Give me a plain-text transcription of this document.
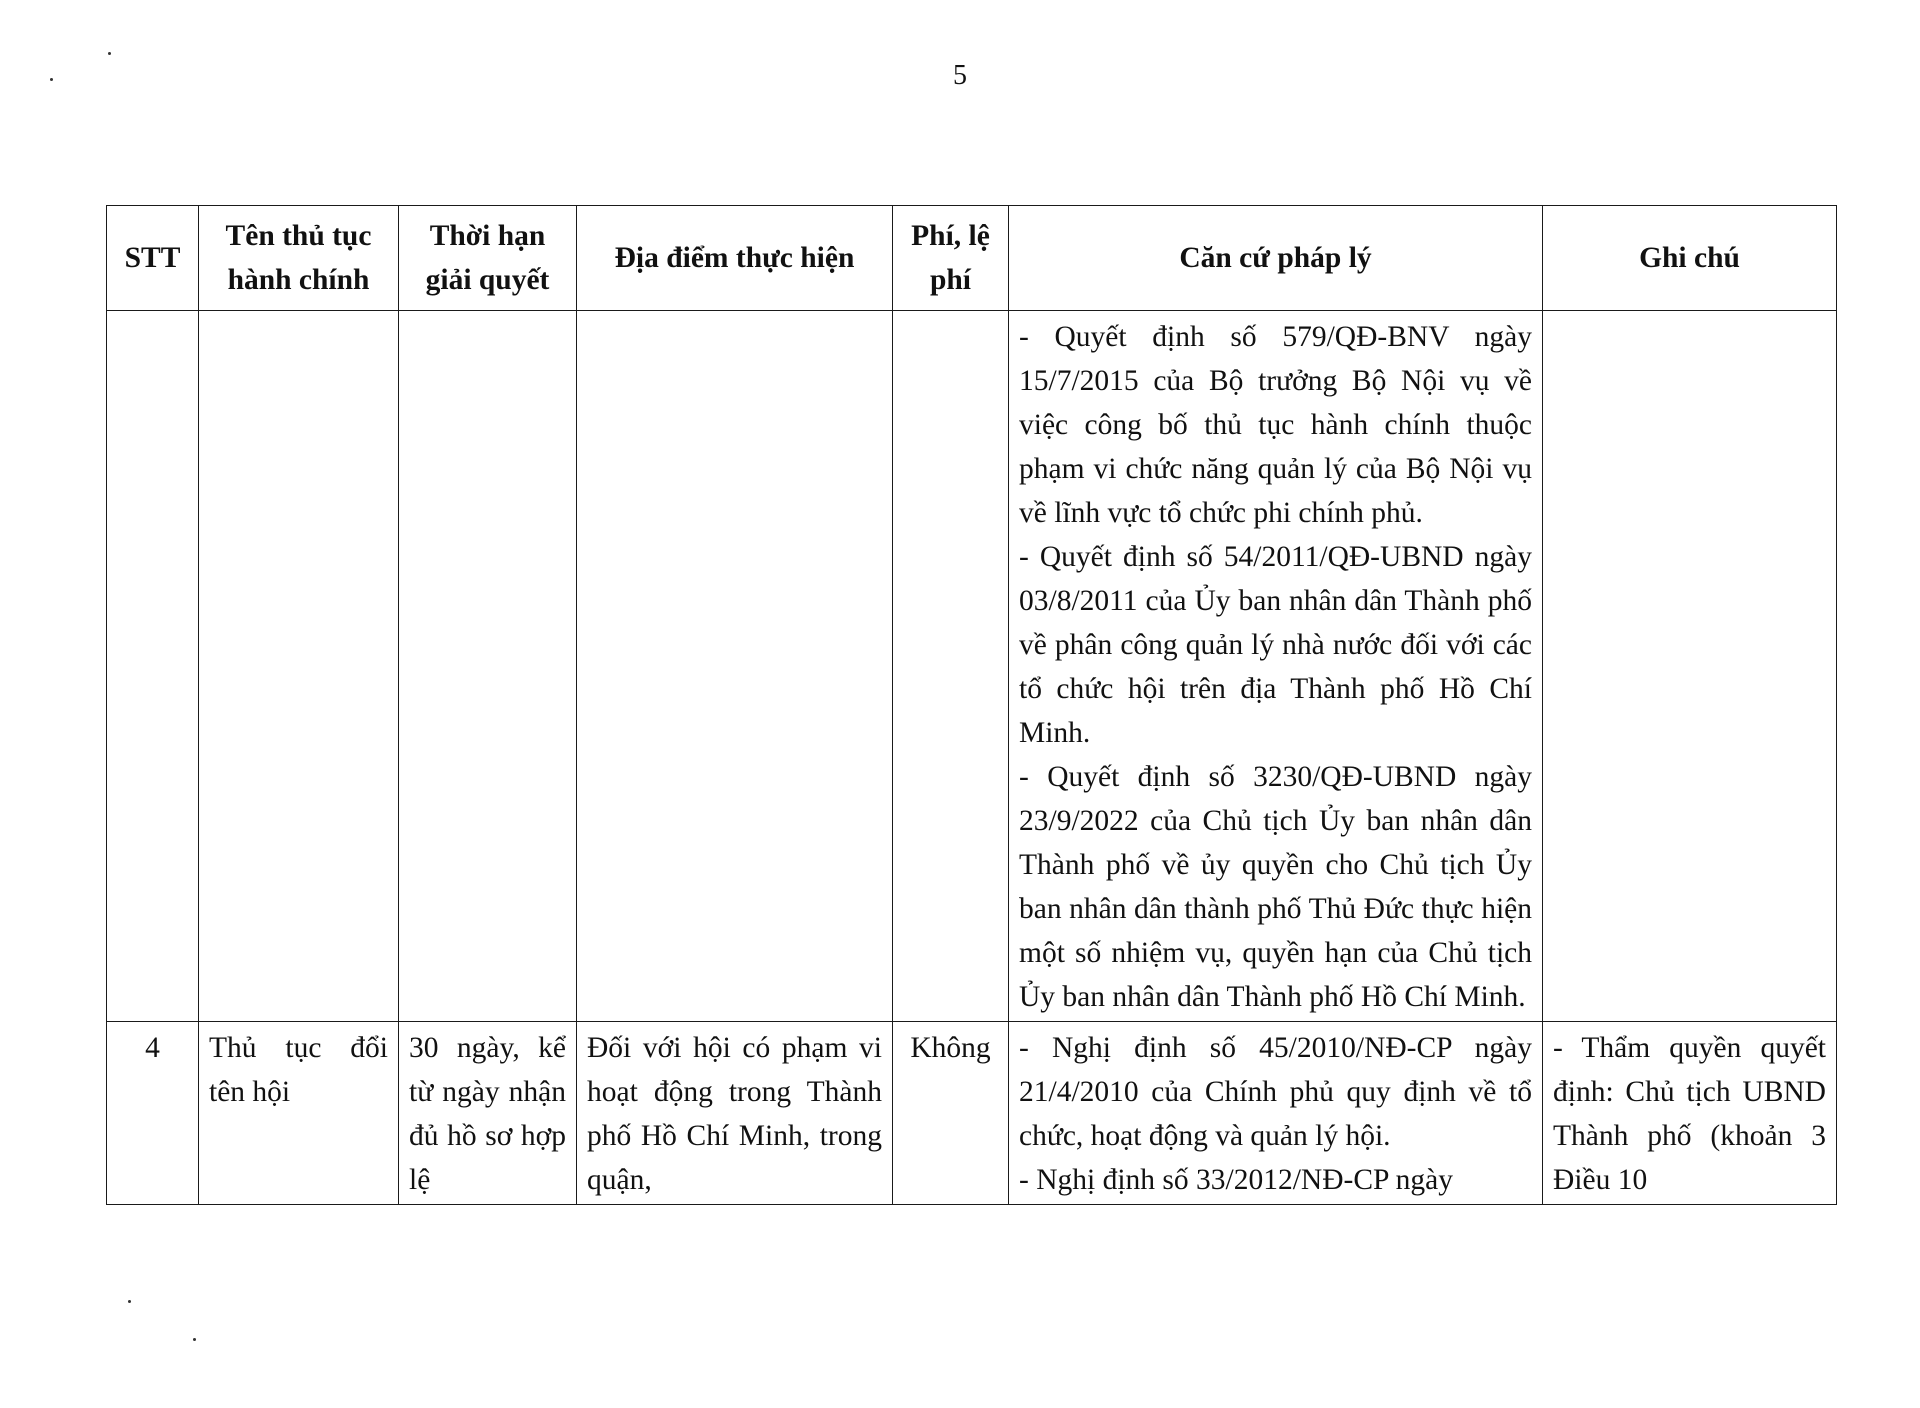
5
STT	Tên thủ tục hành chính	Thời hạn giải quyết	Địa điểm thực hiện	Phí, lệ phí	Căn cứ pháp lý	Ghi chú

					- Quyết định số 579/QĐ-BNV ngày 15/7/2015 của Bộ trưởng Bộ Nội vụ về việc công bố thủ tục hành chính thuộc phạm vi chức năng quản lý của Bộ Nội vụ về lĩnh vực tổ chức phi chính phủ.
- Quyết định số 54/2011/QĐ-UBND ngày 03/8/2011 của Ủy ban nhân dân Thành phố về phân công quản lý nhà nước đối với các tổ chức hội trên địa Thành phố Hồ Chí Minh.
- Quyết định số 3230/QĐ-UBND ngày 23/9/2022 của Chủ tịch Ủy ban nhân dân Thành phố về ủy quyền cho Chủ tịch Ủy ban nhân dân thành phố Thủ Đức thực hiện một số nhiệm vụ, quyền hạn của Chủ tịch Ủy ban nhân dân Thành phố Hồ Chí Minh.	

4	Thủ tục đổi tên hội	30 ngày, kể từ ngày nhận đủ hồ sơ hợp lệ	Đối với hội có phạm vi hoạt động trong Thành phố Hồ Chí Minh, trong quận,	Không	- Nghị định số 45/2010/NĐ-CP ngày 21/4/2010 của Chính phủ quy định về tổ chức, hoạt động và quản lý hội.
- Nghị định số 33/2012/NĐ-CP ngày	- Thẩm quyền quyết định: Chủ tịch UBND Thành phố (khoản 3 Điều 10
